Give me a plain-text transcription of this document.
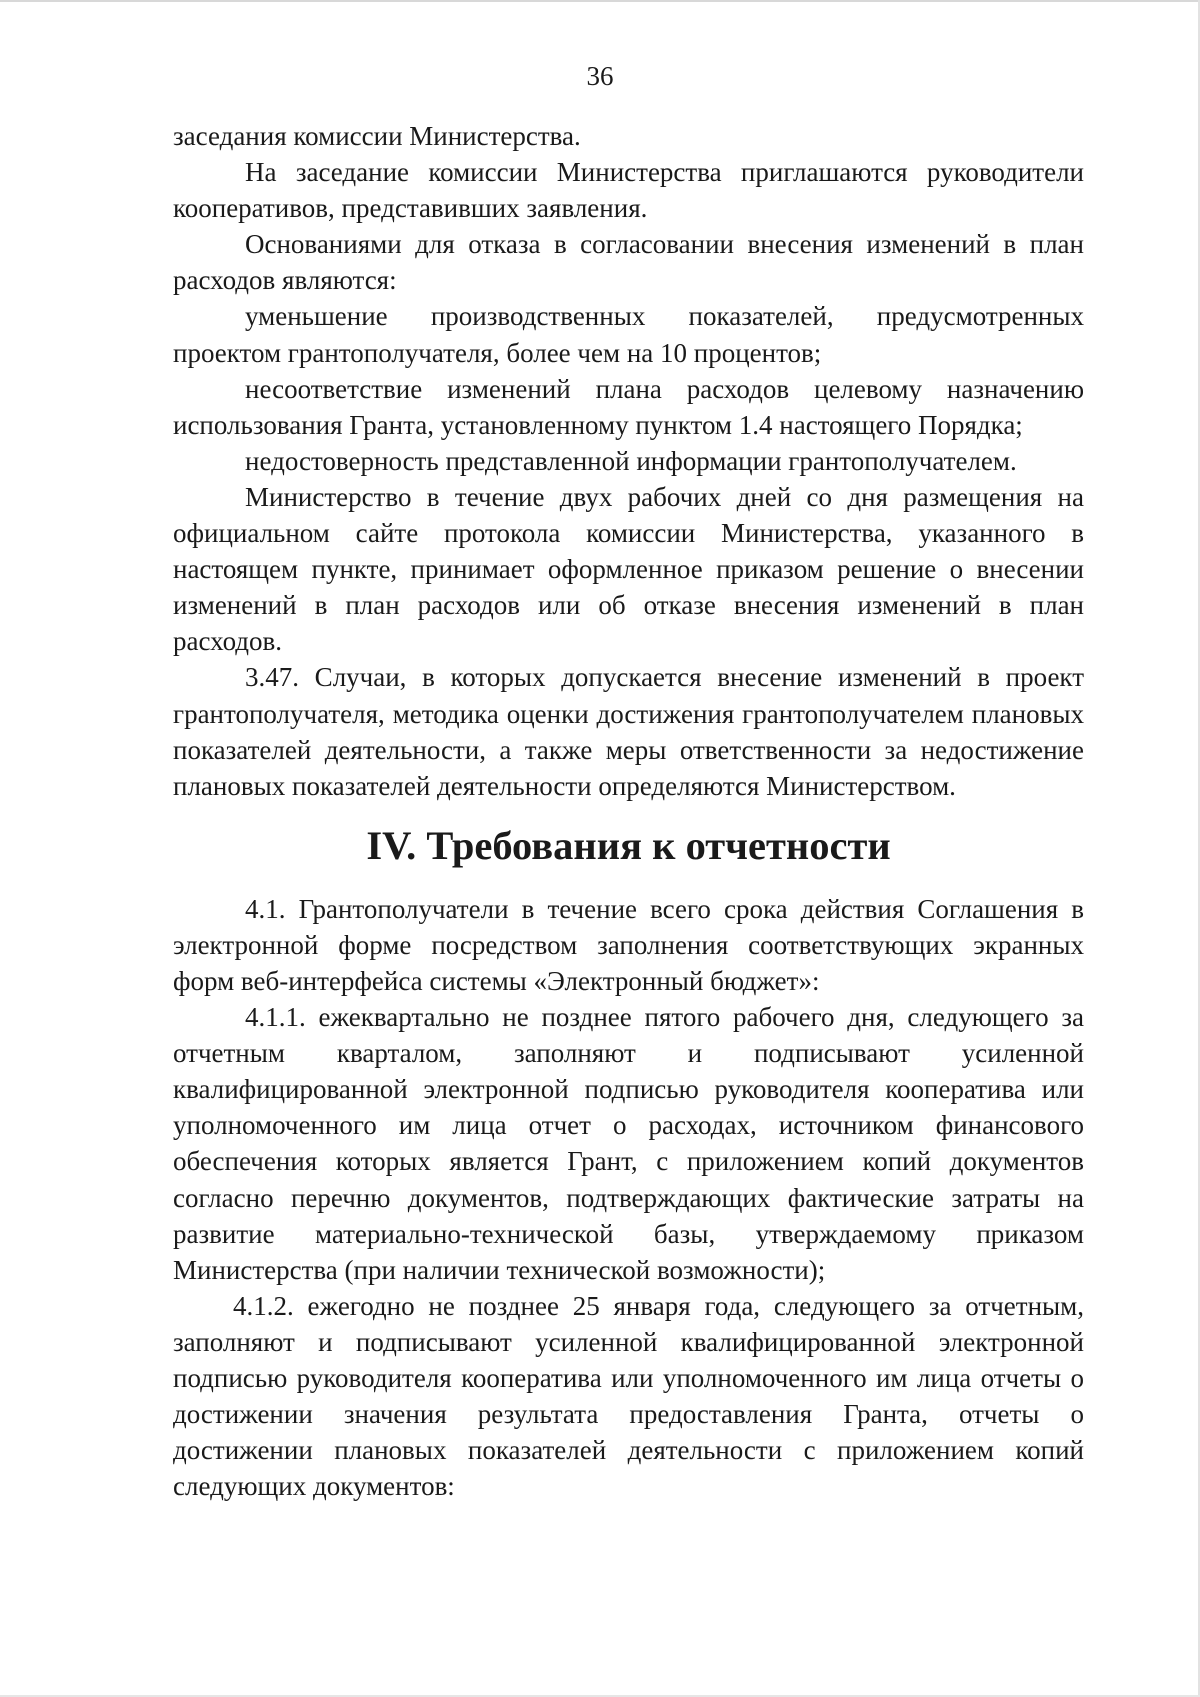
36

заседания комиссии Министерства.

На заседание комиссии Министерства приглашаются руководители кооперативов, представивших заявления.

Основаниями для отказа в согласовании внесения изменений в план расходов являются:

уменьшение производственных показателей, предусмотренных проектом грантополучателя, более чем на 10 процентов;

несоответствие изменений плана расходов целевому назначению использования Гранта, установленному пунктом 1.4 настоящего Порядка;

недостоверность представленной информации грантополучателем.

Министерство в течение двух рабочих дней со дня размещения на официальном сайте протокола комиссии Министерства, указанного в настоящем пункте, принимает оформленное приказом решение о внесении изменений в план расходов или об отказе внесения изменений в план расходов.

3.47. Случаи, в которых допускается внесение изменений в проект грантополучателя, методика оценки достижения грантополучателем плановых показателей деятельности, а также меры ответственности за недостижение плановых показателей деятельности определяются Министерством.

IV. Требования к отчетности

4.1. Грантополучатели в течение всего срока действия Соглашения в электронной форме посредством заполнения соответствующих экранных форм веб-интерфейса системы «Электронный бюджет»:

4.1.1. ежеквартально не позднее пятого рабочего дня, следующего за отчетным кварталом, заполняют и подписывают усиленной квалифицированной электронной подписью руководителя кооператива или уполномоченного им лица отчет о расходах, источником финансового обеспечения которых является Грант, с приложением копий документов согласно перечню документов, подтверждающих фактические затраты на развитие материально-технической базы, утверждаемому приказом Министерства (при наличии технической возможности);

4.1.2. ежегодно не позднее 25 января года, следующего за отчетным, заполняют и подписывают усиленной квалифицированной электронной подписью руководителя кооператива или уполномоченного им лица отчеты о достижении значения результата предоставления Гранта, отчеты о достижении плановых показателей деятельности с приложением копий следующих документов:
